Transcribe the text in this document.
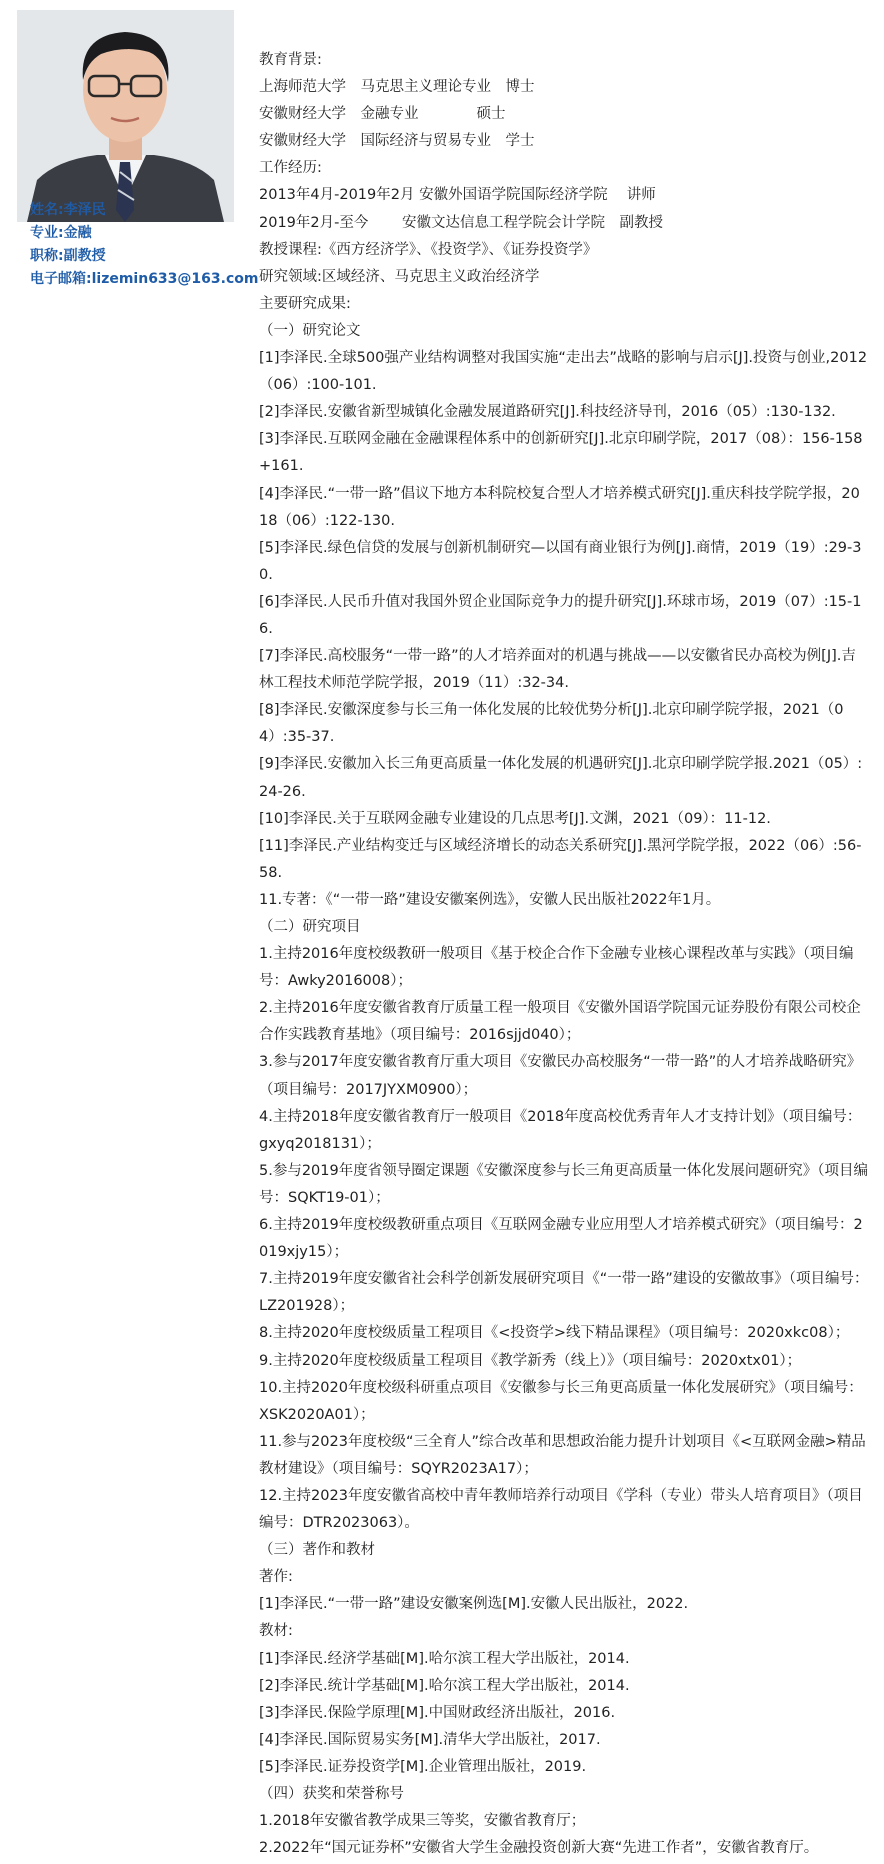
姓名:李泽民
专业:金融
职称:副教授
电子邮箱:lizemin633@163.com
教育背景:
上海师范大学　马克思主义理论专业　博士
安徽财经大学　金融专业　　　　硕士
安徽财经大学　国际经济与贸易专业　学士
工作经历:
2013年4月-2019年2月 安徽外国语学院国际经济学院　 讲师
2019年2月-至今　　 安徽文达信息工程学院会计学院　副教授
教授课程:《西方经济学》、《投资学》、《证券投资学》
研究领域:区域经济、马克思主义政治经济学
主要研究成果:
（一）研究论文
[1]李泽民.全球500强产业结构调整对我国实施“走出去”战略的影响与启示[J].投资与创业,2012（06）:100-101.
[2]李泽民.安徽省新型城镇化金融发展道路研究[J].科技经济导刊，2016（05）:130-132.
[3]李泽民.互联网金融在金融课程体系中的创新研究[J].北京印刷学院，2017（08）：156-158+161.
[4]李泽民.“一带一路”倡议下地方本科院校复合型人才培养模式研究[J].重庆科技学院学报，2018（06）:122-130.
[5]李泽民.绿色信贷的发展与创新机制研究—以国有商业银行为例[J].商情，2019（19）:29-30.
[6]李泽民.人民币升值对我国外贸企业国际竞争力的提升研究[J].环球市场，2019（07）:15-16.
[7]李泽民.高校服务“一带一路”的人才培养面对的机遇与挑战——以安徽省民办高校为例[J].吉林工程技术师范学院学报，2019（11）:32-34.
[8]李泽民.安徽深度参与长三角一体化发展的比较优势分析[J].北京印刷学院学报，2021（04）:35-37.
[9]李泽民.安徽加入长三角更高质量一体化发展的机遇研究[J].北京印刷学院学报.2021（05）:24-26.
[10]李泽民.关于互联网金融专业建设的几点思考[J].文渊，2021（09）：11-12.
[11]李泽民.产业结构变迁与区域经济增长的动态关系研究[J].黑河学院学报，2022（06）:56-58.
11.专著：《“一带一路”建设安徽案例选》，安徽人民出版社2022年1月。
（二）研究项目
1.主持2016年度校级教研一般项目《基于校企合作下金融专业核心课程改革与实践》（项目编号：Awky2016008）；
2.主持2016年度安徽省教育厅质量工程一般项目《安徽外国语学院国元证券股份有限公司校企合作实践教育基地》（项目编号：2016sjjd040）；
3.参与2017年度安徽省教育厅重大项目《安徽民办高校服务“一带一路”的人才培养战略研究》（项目编号：2017JYXM0900）；
4.主持2018年度安徽省教育厅一般项目《2018年度高校优秀青年人才支持计划》（项目编号：gxyq2018131）；
5.参与2019年度省领导圈定课题《安徽深度参与长三角更高质量一体化发展问题研究》（项目编号：SQKT19-01）；
6.主持2019年度校级教研重点项目《互联网金融专业应用型人才培养模式研究》（项目编号：2019xjy15）；
7.主持2019年度安徽省社会科学创新发展研究项目《“一带一路”建设的安徽故事》（项目编号：LZ201928）；
8.主持2020年度校级质量工程项目《<投资学>线下精品课程》（项目编号：2020xkc08）；
9.主持2020年度校级质量工程项目《教学新秀（线上）》（项目编号：2020xtx01）；
10.主持2020年度校级科研重点项目《安徽参与长三角更高质量一体化发展研究》（项目编号：XSK2020A01）；
11.参与2023年度校级“三全育人”综合改革和思想政治能力提升计划项目《<互联网金融>精品教材建设》（项目编号：SQYR2023A17）；
12.主持2023年度安徽省高校中青年教师培养行动项目《学科（专业）带头人培育项目》（项目编号：DTR2023063）。
（三）著作和教材
著作:
[1]李泽民.“一带一路”建设安徽案例选[M].安徽人民出版社，2022.
教材:
[1]李泽民.经济学基础[M].哈尔滨工程大学出版社，2014.
[2]李泽民.统计学基础[M].哈尔滨工程大学出版社，2014.
[3]李泽民.保险学原理[M].中国财政经济出版社，2016.
[4]李泽民.国际贸易实务[M].清华大学出版社，2017.
[5]李泽民.证券投资学[M].企业管理出版社，2019.
（四）获奖和荣誉称号
1.2018年安徽省教学成果三等奖，安徽省教育厅；
2.2022年“国元证券杯”安徽省大学生金融投资创新大赛“先进工作者”，安徽省教育厅。
